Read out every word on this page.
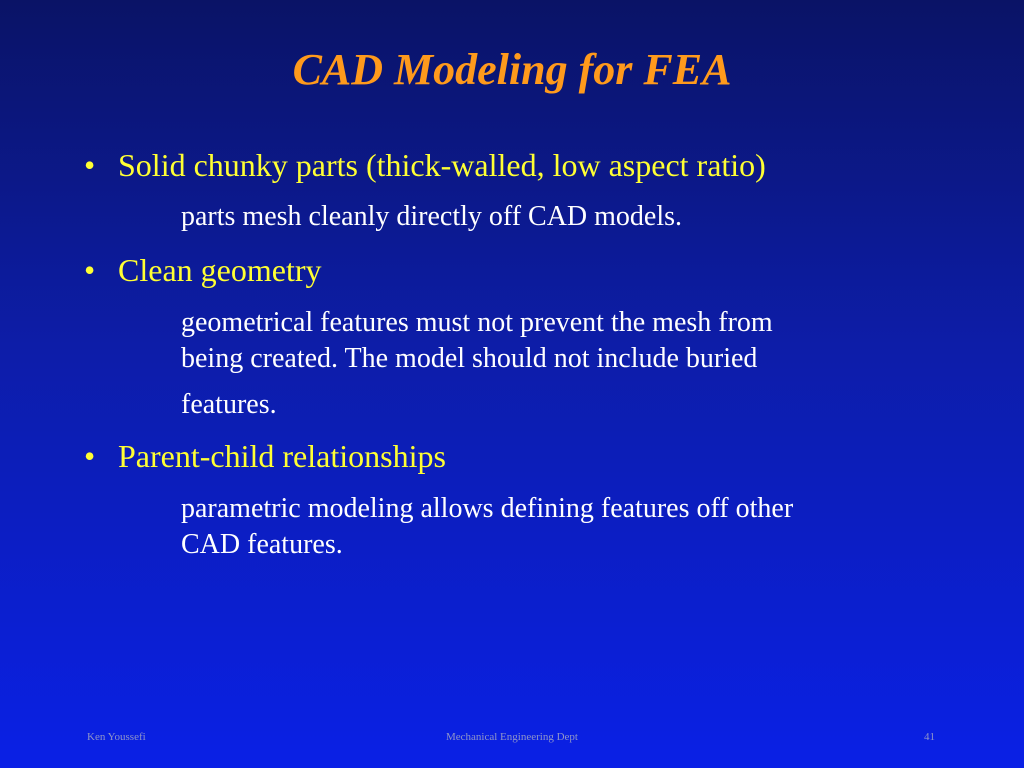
CAD Modeling for FEA
• Solid chunky parts (thick-walled, low aspect ratio)
parts mesh cleanly directly off CAD models.
• Clean geometry
geometrical features must not prevent the mesh from
being created. The model should not include buried
features.
• Parent-child relationships
parametric modeling allows defining features off other
CAD features.
Ken Youssefi	Mechanical Engineering Dept	41
